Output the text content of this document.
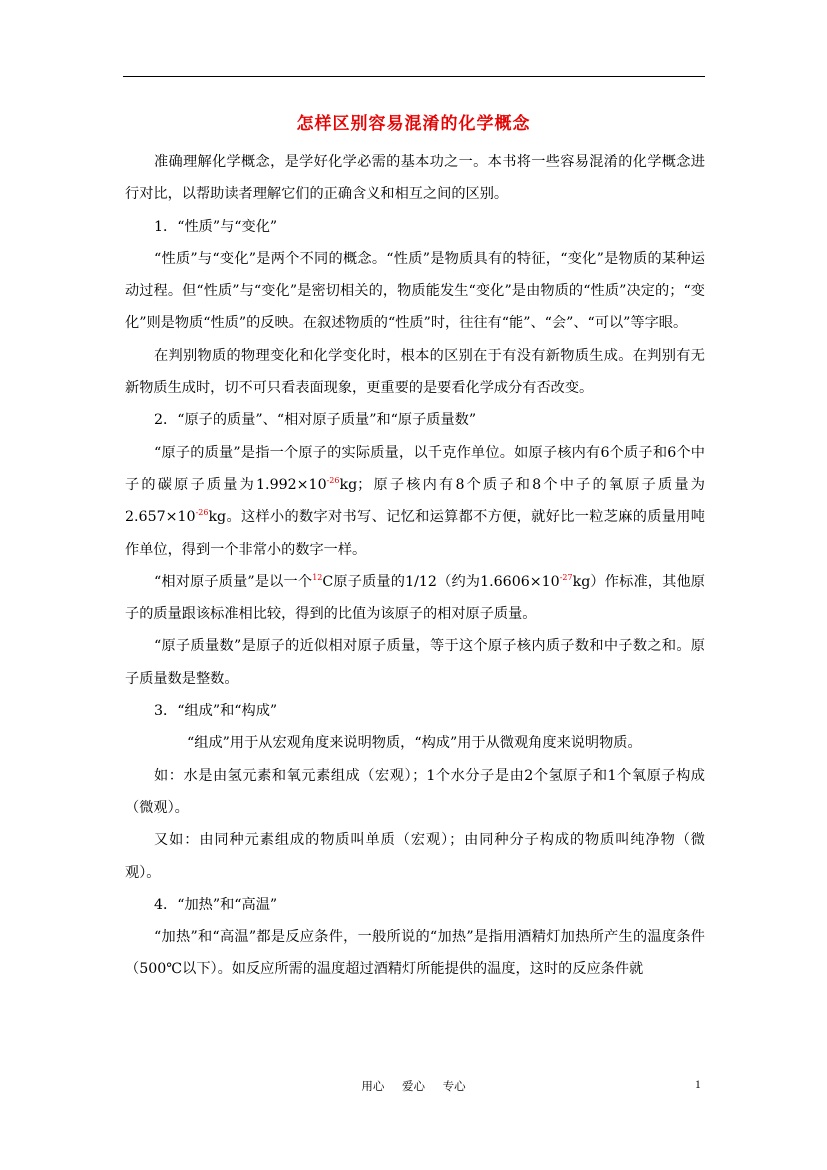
怎样区别容易混淆的化学概念

准确理解化学概念，是学好化学必需的基本功之一。本书将一些容易混淆的化学概念进行对比，以帮助读者理解它们的正确含义和相互之间的区别。

1．“性质”与“变化”

“性质”与“变化”是两个不同的概念。“性质”是物质具有的特征，“变化”是物质的某种运动过程。但“性质”与“变化”是密切相关的，物质能发生“变化”是由物质的“性质”决定的；“变化”则是物质“性质”的反映。在叙述物质的“性质”时，往往有“能”、“会”、“可以”等字眼。

在判别物质的物理变化和化学变化时，根本的区别在于有没有新物质生成。在判别有无新物质生成时，切不可只看表面现象，更重要的是要看化学成分有否改变。

2．“原子的质量”、“相对原子质量”和“原子质量数”

“原子的质量”是指一个原子的实际质量，以千克作单位。如原子核内有6个质子和6个中子的碳原子质量为$1.992\times 10^{-26}kg$；原子核内有8个质子和8个中子的氧原子质量为$2.657\times 10^{-26}kg$。这样小的数字对书写、记忆和运算都不方便，就好比一粒芝麻的质量用吨作单位，得到一个非常小的数字一样。

“相对原子质量”是以一个$^{12}$C原子质量的1/12（约为$1.6606\times 10^{-27}kg$）作标准，其他原子的质量跟该标准相比较，得到的比值为该原子的相对原子质量。

“原子质量数”是原子的近似相对原子质量，等于这个原子核内质子数和中子数之和。原子质量数是整数。

3．“组成”和“构成”

“组成”用于从宏观角度来说明物质，“构成”用于从微观角度来说明物质。

如：水是由氢元素和氧元素组成（宏观）；1个水分子是由2个氢原子和1个氧原子构成（微观）。

又如：由同种元素组成的物质叫单质（宏观）；由同种分子构成的物质叫纯净物（微观）。

4．“加热”和“高温”

“加热”和“高温”都是反应条件，一般所说的“加热”是指用酒精灯加热所产生的温度条件（500℃以下）。如反应所需的温度超过酒精灯所能提供的温度，这时的反应条件就

用心 爱心 专心	1
